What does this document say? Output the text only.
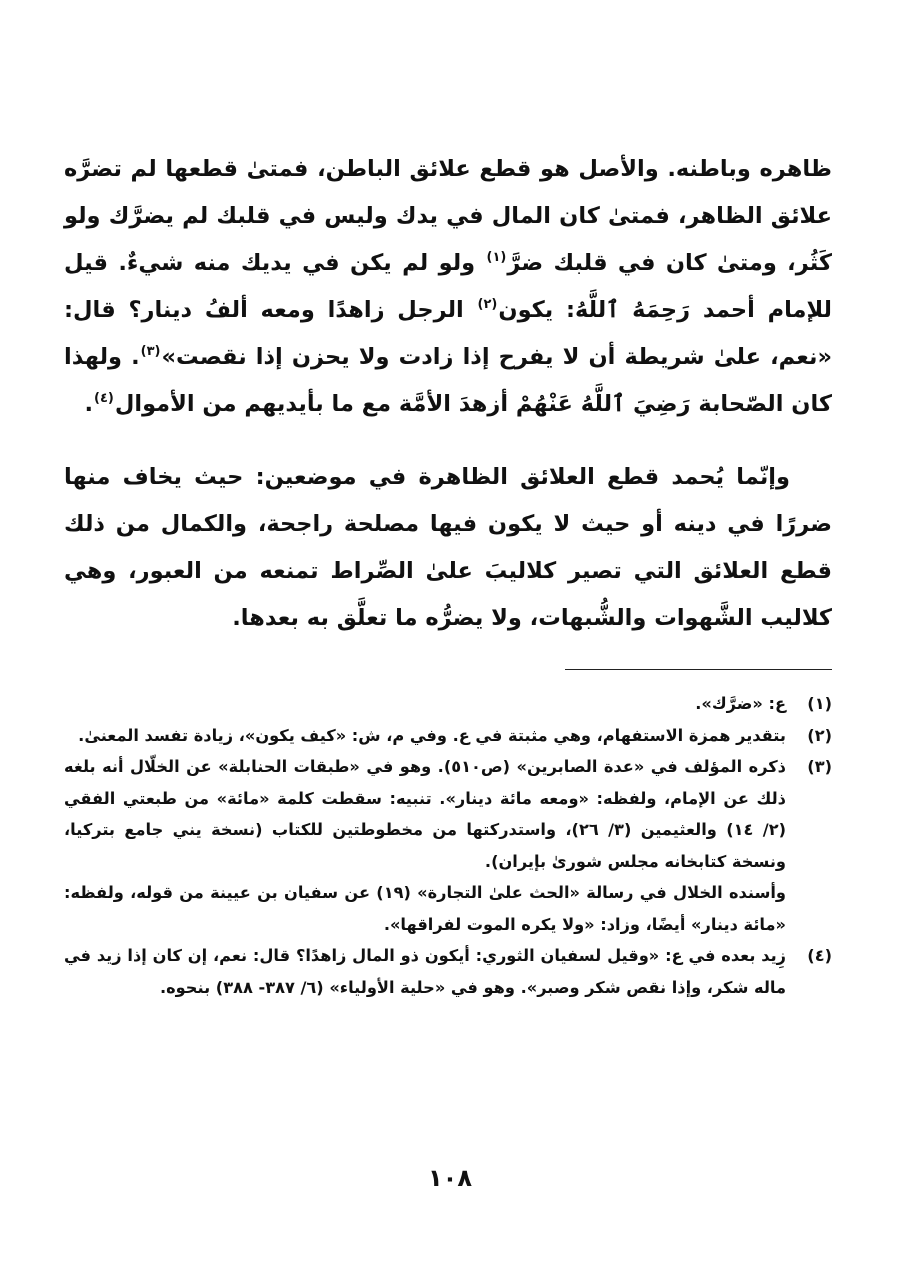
ظاهره وباطنه. والأصل هو قطع علائق الباطن، فمتىٰ قطعها لم تضرَّه علائق الظاهر، فمتىٰ كان المال في يدك وليس في قلبك لم يضرَّك ولو كَثُر، ومتىٰ كان في قلبك ضرَّ$^{(١)}$ ولو لم يكن في يديك منه شيءٌ. قيل للإمام أحمد رَحِمَهُ ٱللَّهُ: يكون$^{(٢)}$ الرجل زاهدًا ومعه ألفُ دينار؟ قال: «نعم، علىٰ شريطة أن لا يفرح إذا زادت ولا يحزن إذا نقصت»$^{(٣)}$. ولهذا كان الصّحابة رَضِيَ ٱللَّهُ عَنْهُمْ أزهدَ الأمَّة مع ما بأيديهم من الأموال$^{(٤)}$.

وإنّما يُحمد قطع العلائق الظاهرة في موضعين: حيث يخاف منها ضررًا في دينه أو حيث لا يكون فيها مصلحة راجحة، والكمال من ذلك قطع العلائق التي تصير كلاليبَ علىٰ الصِّراط تمنعه من العبور، وهي كلاليب الشَّهوات والشُّبهات، ولا يضرُّه ما تعلَّق به بعدها.

(١)

ع: «ضرَّك».

(٢)

بتقدير همزة الاستفهام، وهي مثبتة في ع. وفي م، ش: «كيف يكون»، زيادة تفسد المعنىٰ.

(٣)

ذكره المؤلف في «عدة الصابرين» (ص٥١٠). وهو في «طبقات الحنابلة» عن الخلّال أنه بلغه ذلك عن الإمام، ولفظه: «ومعه مائة دينار». تنبيه: سقطت كلمة «مائة» من طبعتي الفقي (٢/ ١٤) والعثيمين (٣/ ٢٦)، واستدركتها من مخطوطتين للكتاب (نسخة يني جامع بتركيا، ونسخة كتابخانه مجلس شورىٰ بإيران).

وأسنده الخلال في رسالة «الحث علىٰ التجارة» (١٩) عن سفيان بن عيينة من قوله، ولفظه: «مائة دينار» أيضًا، وزاد: «ولا يكره الموت لفراقها».

(٤)

زِيد بعده في ع: «وقيل لسفيان الثوري: أيكون ذو المال زاهدًا؟ قال: نعم، إن كان إذا زيد في ماله شكر، وإذا نقص شكر وصبر». وهو في «حلية الأولياء» (٦/ ٣٨٧- ٣٨٨) بنحوه.

١٠٨
